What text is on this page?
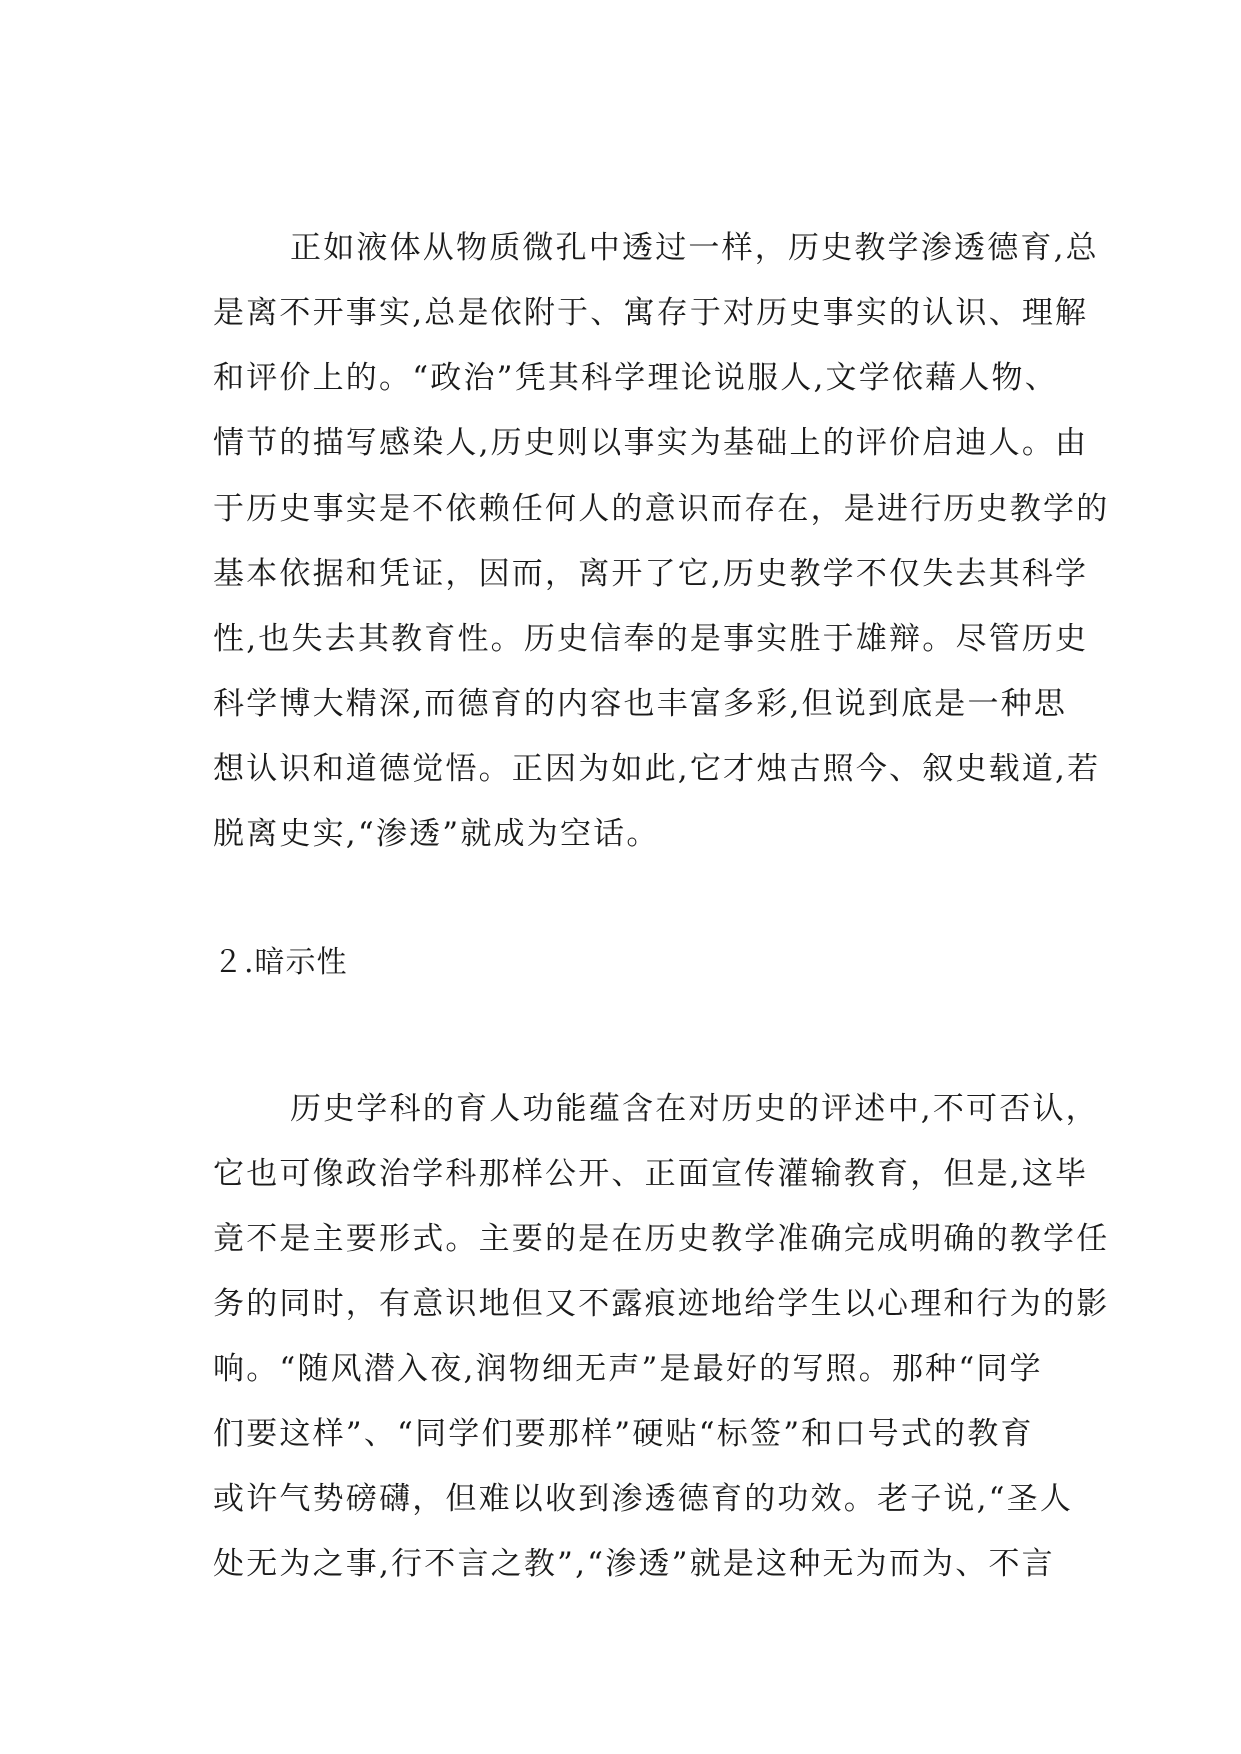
正如液体从物质微孔中透过一样，历史教学渗透德育,总
是离不开事实,总是依附于、寓存于对历史事实的认识、理解
和评价上的。“政治”凭其科学理论说服人,文学依藉人物、
情节的描写感染人,历史则以事实为基础上的评价启迪人。由
于历史事实是不依赖任何人的意识而存在，是进行历史教学的
基本依据和凭证，因而，离开了它,历史教学不仅失去其科学
性,也失去其教育性。历史信奉的是事实胜于雄辩。尽管历史
科学博大精深,而德育的内容也丰富多彩,但说到底是一种思
想认识和道德觉悟。正因为如此,它才烛古照今、叙史载道,若
脱离史实,“渗透”就成为空话。
２.暗示性
历史学科的育人功能蕴含在对历史的评述中,不可否认，
它也可像政治学科那样公开、正面宣传灌输教育，但是,这毕
竟不是主要形式。主要的是在历史教学准确完成明确的教学任
务的同时，有意识地但又不露痕迹地给学生以心理和行为的影
响。“随风潜入夜,润物细无声”是最好的写照。那种“同学
们要这样”、“同学们要那样”硬贴“标签”和口号式的教育
或许气势磅礴，但难以收到渗透德育的功效。老子说,“圣人
处无为之事,行不言之教”,“渗透”就是这种无为而为、不言
